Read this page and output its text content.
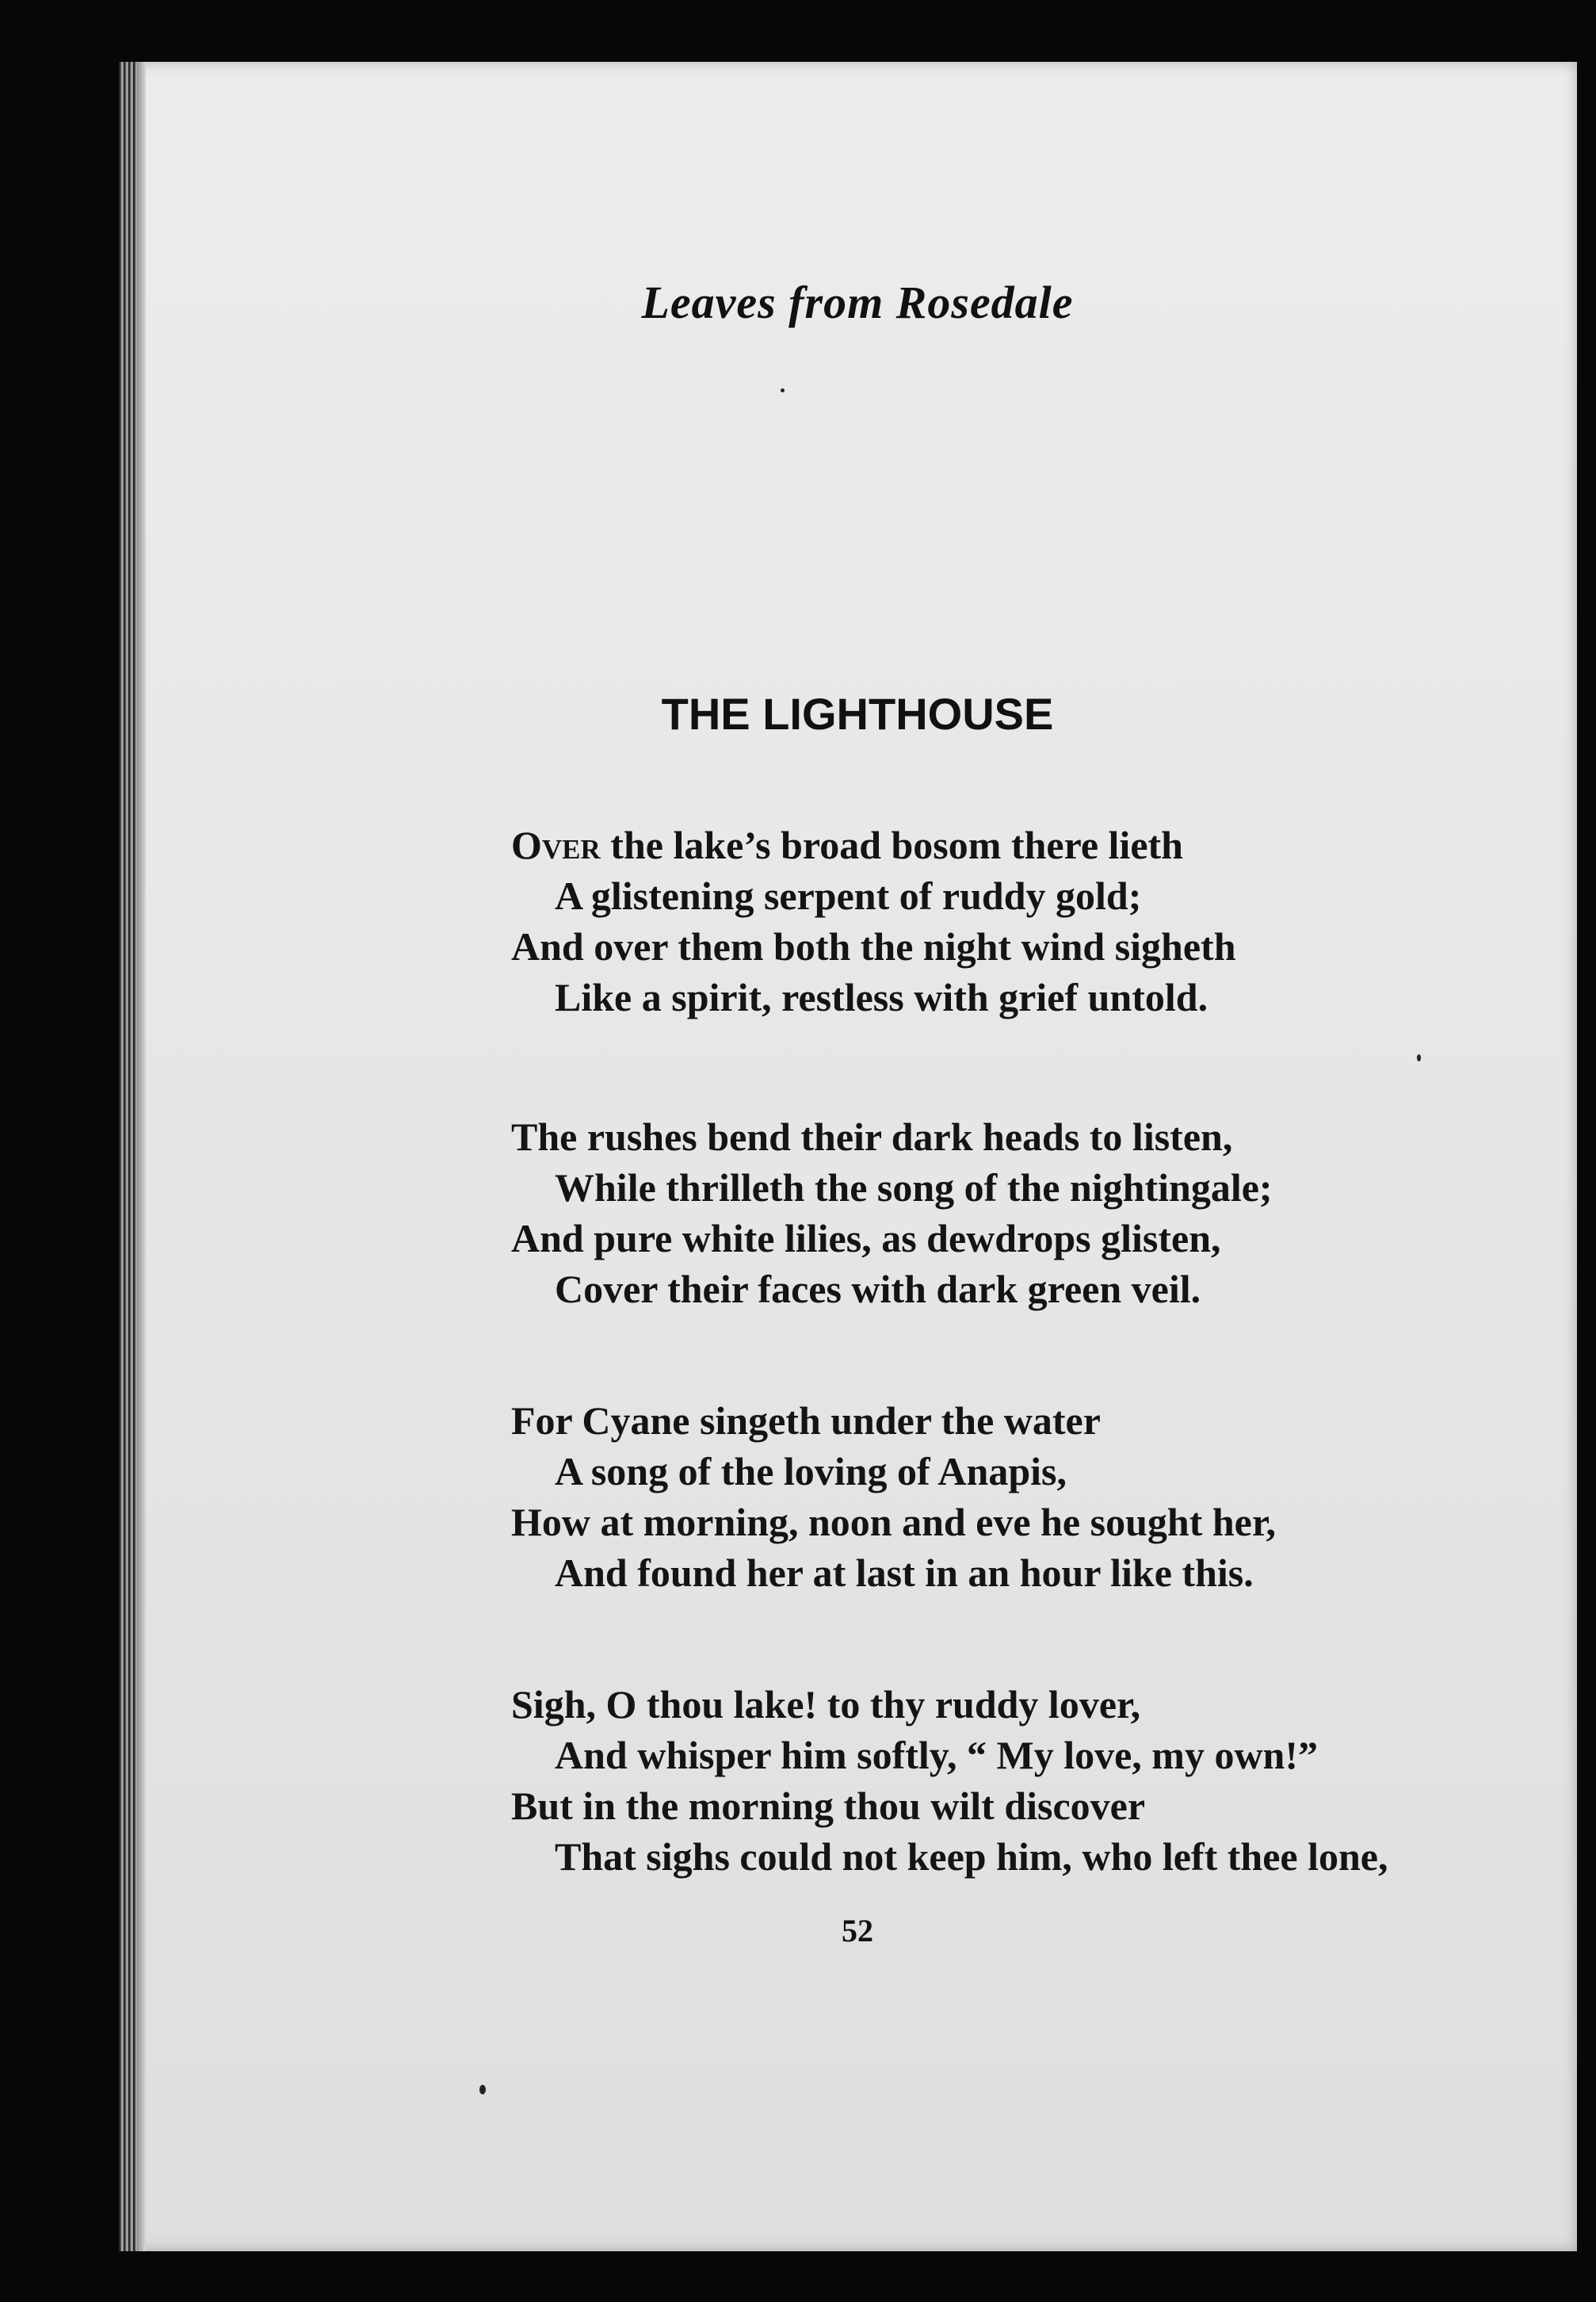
Leaves from Rosedale
THE LIGHTHOUSE
Over the lake’s broad bosom there lieth
A glistening serpent of ruddy gold;
And over them both the night wind sigheth
Like a spirit, restless with grief untold.
The rushes bend their dark heads to listen,
While thrilleth the song of the nightingale;
And pure white lilies, as dewdrops glisten,
Cover their faces with dark green veil.
For Cyane singeth under the water
A song of the loving of Anapis,
How at morning, noon and eve he sought her,
And found her at last in an hour like this.
Sigh, O thou lake! to thy ruddy lover,
And whisper him softly, “ My love, my own!”
But in the morning thou wilt discover
That sighs could not keep him, who left thee lone,
52
